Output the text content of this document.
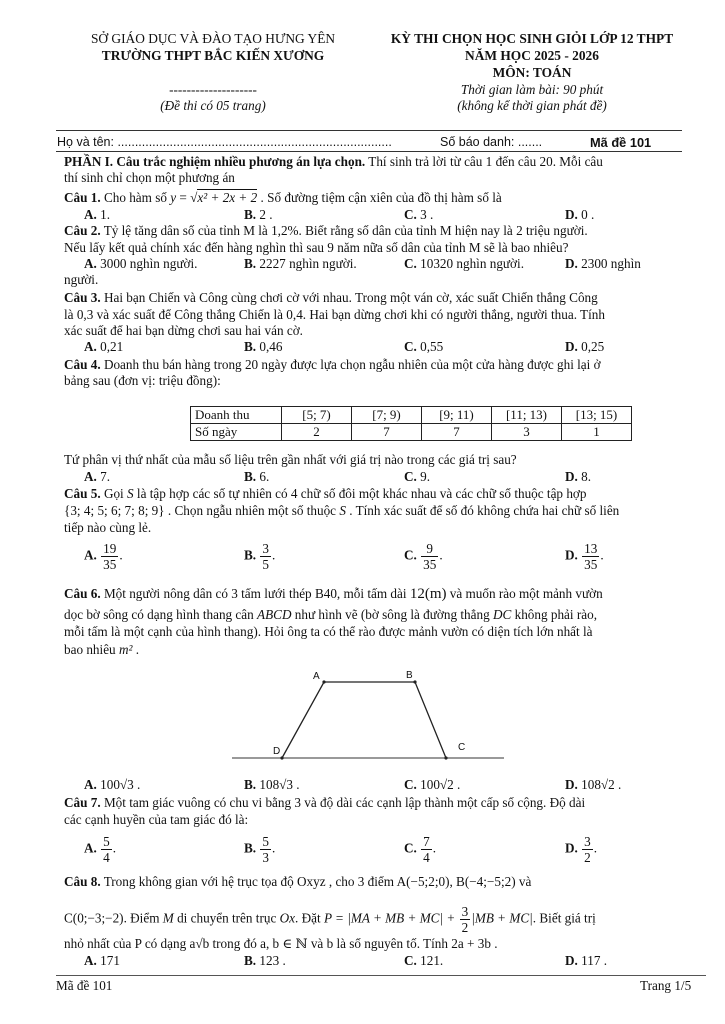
SỞ GIÁO DỤC VÀ ĐÀO TẠO HƯNG YÊN
TRƯỜNG THPT BẮC KIẾN XƯƠNG
--------------------
(Đề thi có 05 trang)
KỲ THI CHỌN HỌC SINH GIỎI LỚP 12 THPT
NĂM HỌC 2025 - 2026
MÔN: TOÁN
Thời gian làm bài: 90 phút
(không kể thời gian phát đề)
Họ và tên: ...............................................................................	Số báo danh: .......	Mã đề 101
PHẦN I. Câu trắc nghiệm nhiều phương án lựa chọn. Thí sinh trả lời từ câu 1 đến câu 20. Mỗi câu
thí sinh chỉ chọn một phương án
Câu 1. Cho hàm số y = √x² + 2x + 2 . Số đường tiệm cận xiên của đồ thị hàm số là
A. 1.	B. 2 .	C. 3 .	D. 0 .
Câu 2. Tỷ lệ tăng dân số của tỉnh M là 1,2%. Biết rằng số dân của tỉnh M hiện nay là 2 triệu người.
Nếu lấy kết quả chính xác đến hàng nghìn thì sau 9 năm nữa số dân của tỉnh M sẽ là bao nhiêu?
A. 3000 nghìn người.	B. 2227 nghìn người.	C. 10320 nghìn người.	D. 2300 nghìn
người.
Câu 3. Hai bạn Chiến và Công cùng chơi cờ với nhau. Trong một ván cờ, xác suất Chiến thắng Công
là 0,3 và xác suất để Công thắng Chiến là 0,4. Hai bạn dừng chơi khi có người thắng, người thua. Tính
xác suất để hai bạn dừng chơi sau hai ván cờ.
A. 0,21	B. 0,46	C. 0,55	D. 0,25
Câu 4. Doanh thu bán hàng trong 20 ngày được lựa chọn ngẫu nhiên của một cửa hàng được ghi lại ở
bảng sau (đơn vị: triệu đồng):
Doanh thu	[5; 7)	[7; 9)	[9; 11)	[11; 13)	[13; 15)
Số ngày	2	7	7	3	1
Tứ phân vị thứ nhất của mẫu số liệu trên gần nhất với giá trị nào trong các giá trị sau?
A. 7.	B. 6.	C. 9.	D. 8.
Câu 5. Gọi S là tập hợp các số tự nhiên có 4 chữ số đôi một khác nhau và các chữ số thuộc tập hợp
{3; 4; 5; 6; 7; 8; 9} . Chọn ngẫu nhiên một số thuộc S . Tính xác suất để số đó không chứa hai chữ số liên
tiếp nào cùng lẻ.
A. $\frac{19}{35}$ .	B. $\frac{3}{5}$ .	C. $\frac{9}{35}$ .	D. $\frac{13}{35}$ .
Câu 6. Một người nông dân có 3 tấm lưới thép B40, mỗi tấm dài 12(m) và muốn rào một mảnh vườn
dọc bờ sông có dạng hình thang cân ABCD như hình vẽ (bờ sông là đường thẳng DC không phải rào,
mỗi tấm là một cạnh của hình thang). Hỏi ông ta có thể rào được mảnh vườn có diện tích lớn nhất là
bao nhiêu m² .
A	B
C
D
A. 100√3 .	B. 108√3 .	C. 100√2 .	D. 108√2 .
Câu 7. Một tam giác vuông có chu vi bằng 3 và độ dài các cạnh lập thành một cấp số cộng. Độ dài
các cạnh huyền của tam giác đó là:
A. $\frac{5}{4}$ .	B. $\frac{5}{3}$ .	C. $\frac{7}{4}$ .	D. $\frac{3}{2}$ .
Câu 8. Trong không gian với hệ trục tọa độ Oxyz , cho 3 điểm A(−5;2;0), B(−4;−5;2) và
C(0;−3;−2). Điểm M di chuyển trên trục Ox. Đặt P = |MA + MB + $MC| + \frac{3}{2} |MB + MC|$. Biết giá trị
nhỏ nhất của P có dạng a√b trong đó a, b ∈ ℕ và b là số nguyên tố. Tính 2a + 3b .
A. 171	B. 123 .	C. 121.	D. 117 .
Mã đề 101	Trang 1/5
